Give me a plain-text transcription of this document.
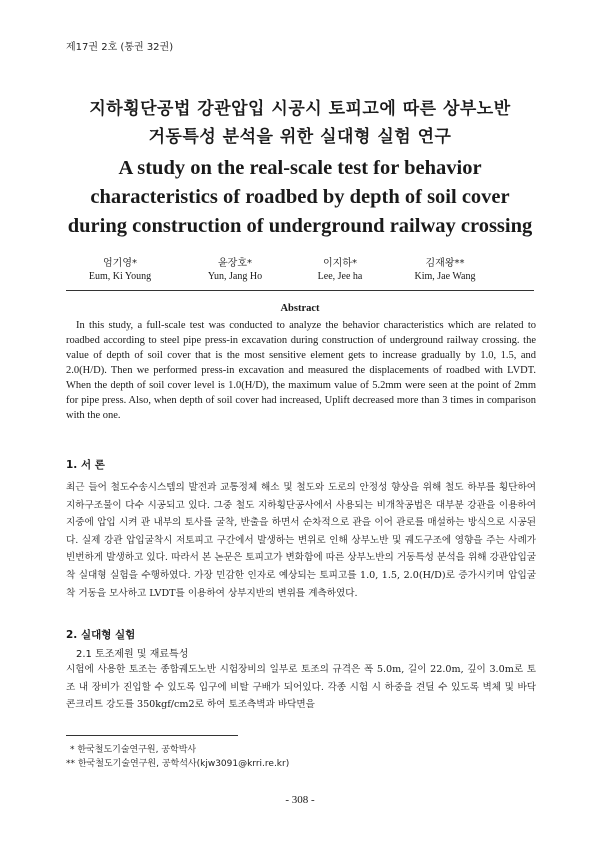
제17권 2호 (통권 32권)
지하횡단공법 강관압입 시공시 토피고에 따른 상부노반
거동특성 분석을 위한 실대형 실험 연구
A study on the real-scale test for behavior characteristics of roadbed by depth of soil cover during construction of underground railway crossing
엄기영*	윤장호*	이지하*	김재왕**
Eum, Ki Young	Yun, Jang Ho	Lee, Jee ha	Kim, Jae Wang
Abstract

In this study, a full-scale test was conducted to analyze the behavior characteristics which are related to roadbed according to steel pipe press-in excavation during construction of underground railway crossing. the value of depth of soil cover that is the most sensitive element gets to increase gradually by 1.0, 1.5, and 2.0(H/D). Then we performed press-in excavation and measured the displacements of roadbed with LVDT. When the depth of soil cover level is 1.0(H/D), the maximum value of 5.2mm were seen at the point of 2mm for pipe press. Also, when depth of soil cover had increased, Uplift decreased more than 3 times in comparison with the one.

1. 서 론

최근 들어 철도수송시스템의 발전과 교통정체 해소 및 철도와 도로의 안정성 향상을 위해 철도 하부를 횡단하여 지하구조물이 다수 시공되고 있다. 그중 철도 지하횡단공사에서 사용되는 비개착공법은 대부분 강관을 이용하여 지중에 압입 시켜 관 내부의 토사를 굴착, 반출을 하면서 순차적으로 관을 이어 관로를 매설하는 방식으로 시공된다. 실제 강관 압입굴착시 저토피고 구간에서 발생하는 변위로 인해 상부노반 및 궤도구조에 영향을 주는 사례가 빈번하게 발생하고 있다. 따라서 본 논문은 토피고가 변화함에 따른 상부노반의 거동특성 분석을 위해 강관압입굴착 실대형 실험을 수행하였다. 가장 민감한 인자로 예상되는 토피고를 1.0, 1.5, 2.0(H/D)로 증가시키며 압입굴착 거동을 모사하고 LVDT를 이용하여 상부지반의 변위를 계측하였다.

2. 실대형 실험
2.1 토조제원 및 재료특성

시험에 사용한 토조는 종합궤도노반 시험장비의 일부로 토조의 규격은 폭 5.0m, 길이 22.0m, 깊이 3.0m로 토조 내 장비가 진입할 수 있도록 입구에 비탈 구배가 되어있다. 각종 시험 시 하중을 견딜 수 있도록 벽체 및 바닥 콘크리트 강도를 350kgf/cm2로 하여 토조측벽과 바닥면을

* 한국철도기술연구원, 공학박사
** 한국철도기술연구원, 공학석사(kjw3091@krri.re.kr)
- 308 -
